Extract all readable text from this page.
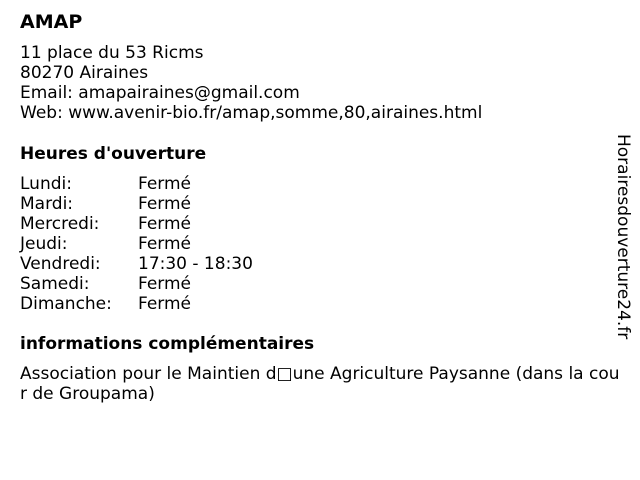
AMAP
11 place du 53 Ricms
80270 Airaines
Email: amapairaines@gmail.com
Web: www.avenir-bio.fr/amap,somme,80,airaines.html
Heures d'ouverture
Lundi:	Fermé
Mardi:	Fermé
Mercredi: Fermé
Jeudi:	Fermé
Vendredi: 17:30 - 18:30
Samedi:	Fermé
Dimanche: Fermé
informations complémentaires
Association pour le Maintien d□une Agriculture Paysanne (dans la cour de Groupama)
Horairesdouverture24.fr
